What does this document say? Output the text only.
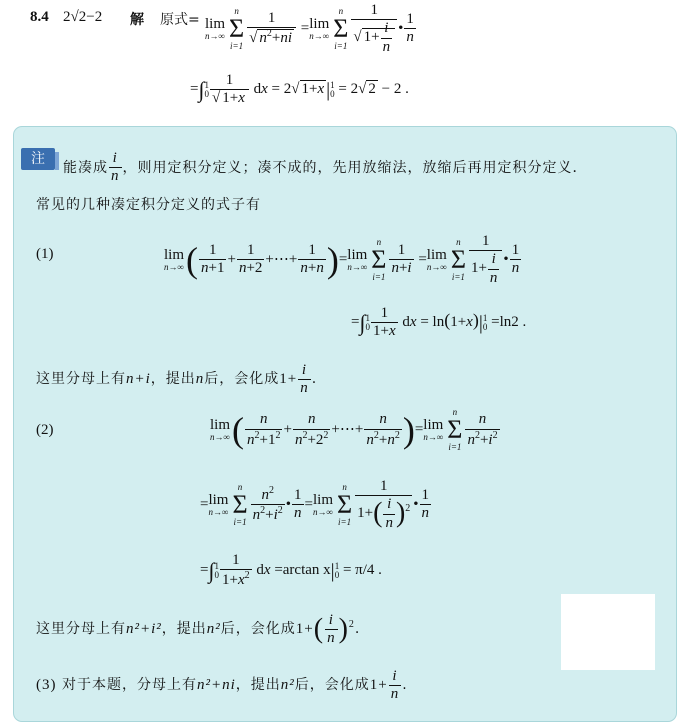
8.4 2√2−2 解 原式= lim
n→∞
n
Σ
$i=1 \frac{1}{√ n^2+ni} = \lim$
n→∞
n
Σ
$i=1 \frac{1}{√ 1+ \frac{i}{n}}$ • $\frac{1}{n}$
=∫1
$0 \frac{1}{√ 1+x}$ dx = 2√ 1+x |1
0 = 2√ 2 − 2 .
注
能凑成 $\frac{i}{n}$ ，则用定积分定义；凑不成的，先用放缩法，放缩后再用定积分定义．
常见的几种凑定积分定义的式子有
(1)	lim
n→∞ ( $\frac{1}{n+1} + \frac{1}{n+2}$ +⋯+ $\frac{1}{n+n}$ )= lim
n→∞
n
Σ
$i=1 \frac{1}{n+i} = \lim$
n→∞
n
Σ
$i=1 \frac{1}{1+ \frac{i}{n}}$ • $\frac{1}{n}$
=∫1
$0 \frac{1}{1+x}$ dx = ln(1+x)|1
0 =ln2 .
这里分母上有n+i，提出n后，会化成$1+ \frac{i}{n}$ .
(2)	lim
n→∞ ( $\frac{n}{n^2+1^2} + \frac{n}{n^2+2^2}$ +⋯+ $\frac{n}{n^2+n^2}$ )= lim
n→∞
n
Σ
$i=1 \frac{n}{n^2+i^2}$
= lim
n→∞
n
Σ
$i=1 \frac{n^2}{n^2+i^2}$ • $\frac{1}{n} = \lim$
n→∞
n
Σ
$i=1 \frac{1}{1+( \frac{i}{n} )^2}$ • $\frac{1}{n}$
=∫1
$0 \frac{1}{1+x^2}$ dx =arctan x|1
0 = π/4 .
这里分母上有n²+i²，提出n²后，会化成$1+( \frac{i}{n} )^2$.
(3) 对于本题，分母上有n²+ni，提出n²后，会化成$1+ \frac{i}{n}$ .
